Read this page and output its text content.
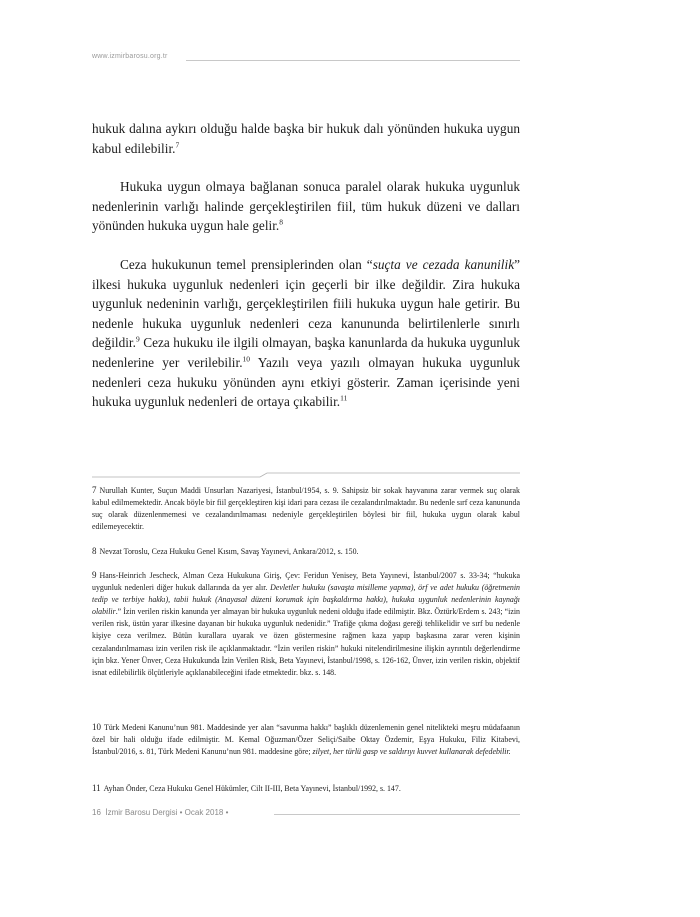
www.izmirbarosu.org.tr

hukuk dalına aykırı olduğu halde başka bir hukuk dalı yönünden hukuka uygun kabul edilebilir.$^7$

Hukuka uygun olmaya bağlanan sonuca paralel olarak hukuka uygunluk nedenlerinin varlığı halinde gerçekleştirilen fiil, tüm hukuk düzeni ve dalları yönünden hukuka uygun hale gelir.$^8$

Ceza hukukunun temel prensiplerinden olan “suçta ve cezada kanunilik” ilkesi hukuka uygunluk nedenleri için geçerli bir ilke değildir. Zira hukuka uygunluk nedeninin varlığı, gerçekleştirilen fiili hukuka uygun hale getirir. Bu nedenle hukuka uygunluk nedenleri ceza kanununda belirtilenlerle sınırlı değildir.$^9$ Ceza hukuku ile ilgili olmayan, başka kanunlarda da hukuka uygunluk nedenlerine yer verilebilir.$^{10}$ Yazılı veya yazılı olmayan hukuka uygunluk nedenleri ceza hukuku yönünden aynı etkiyi gösterir. Zaman içerisinde yeni hukuka uygunluk nedenleri de ortaya çıkabilir.$^{11}$

7 Nurullah Kunter, Suçun Maddi Unsurları Nazariyesi, İstanbul/1954, s. 9. Sahipsiz bir sokak hayvanına zarar vermek suç olarak kabul edilmemektedir. Ancak böyle bir fiil gerçekleştiren kişi idari para cezası ile cezalandırılmaktadır. Bu nedenle sırf ceza kanununda suç olarak düzenlenmemesi ve cezalandırılmaması nedeniyle gerçekleştirilen böylesi bir fiil, hukuka uygun olarak kabul edilemeyecektir.

8 Nevzat Toroslu, Ceza Hukuku Genel Kısım, Savaş Yayınevi, Ankara/2012, s. 150.

9 Hans-Heinrich Jescheck, Alman Ceza Hukukuna Giriş, Çev: Feridun Yenisey, Beta Yayınevi, İstanbul/2007 s. 33-34; “hukuka uygunluk nedenleri diğer hukuk dallarında da yer alır. Devletler hukuku (savaşta misilleme yapma), örf ve adet hukuku (öğretmenin tedip ve terbiye hakkı), tabii hukuk (Anayasal düzeni korumak için başkaldırma hakkı), hukuka uygunluk nedenlerinin kaynağı olabilir.” İzin verilen riskin kanunda yer almayan bir hukuka uygunluk nedeni olduğu ifade edilmiştir. Bkz. Öztürk/Erdem s. 243; “izin verilen risk, üstün yarar ilkesine dayanan bir hukuka uygunluk nedenidir.” Trafiğe çıkma doğası gereği tehlikelidir ve sırf bu nedenle kişiye ceza verilmez. Bütün kurallara uyarak ve özen göstermesine rağmen kaza yapıp başkasına zarar veren kişinin cezalandırılmaması izin verilen risk ile açıklanmaktadır. “İzin verilen riskin” hukuki nitelendirilmesine ilişkin ayrıntılı değerlendirme için bkz. Yener Ünver, Ceza Hukukunda İzin Verilen Risk, Beta Yayınevi, İstanbul/1998, s. 126-162, Ünver, izin verilen riskin, objektif isnat edilebilirlik ölçütleriyle açıklanabileceğini ifade etmektedir. bkz. s. 148.

10 Türk Medeni Kanunu’nun 981. Maddesinde yer alan “savunma hakkı” başlıklı düzenlemenin genel nitelikteki meşru müdafaanın özel bir hali olduğu ifade edilmiştir. M. Kemal Oğuzman/Özer Seliçi/Saibe Oktay Özdemir, Eşya Hukuku, Filiz Kitabevi, İstanbul/2016, s. 81, Türk Medeni Kanunu’nun 981. maddesine göre; zilyet, her türlü gasp ve saldırıyı kuvvet kullanarak defedebilir.

11 Ayhan Önder, Ceza Hukuku Genel Hükümler, Cilt II-III, Beta Yayınevi, İstanbul/1992, s. 147.

16 İzmir Barosu Dergisi • Ocak 2018 •
